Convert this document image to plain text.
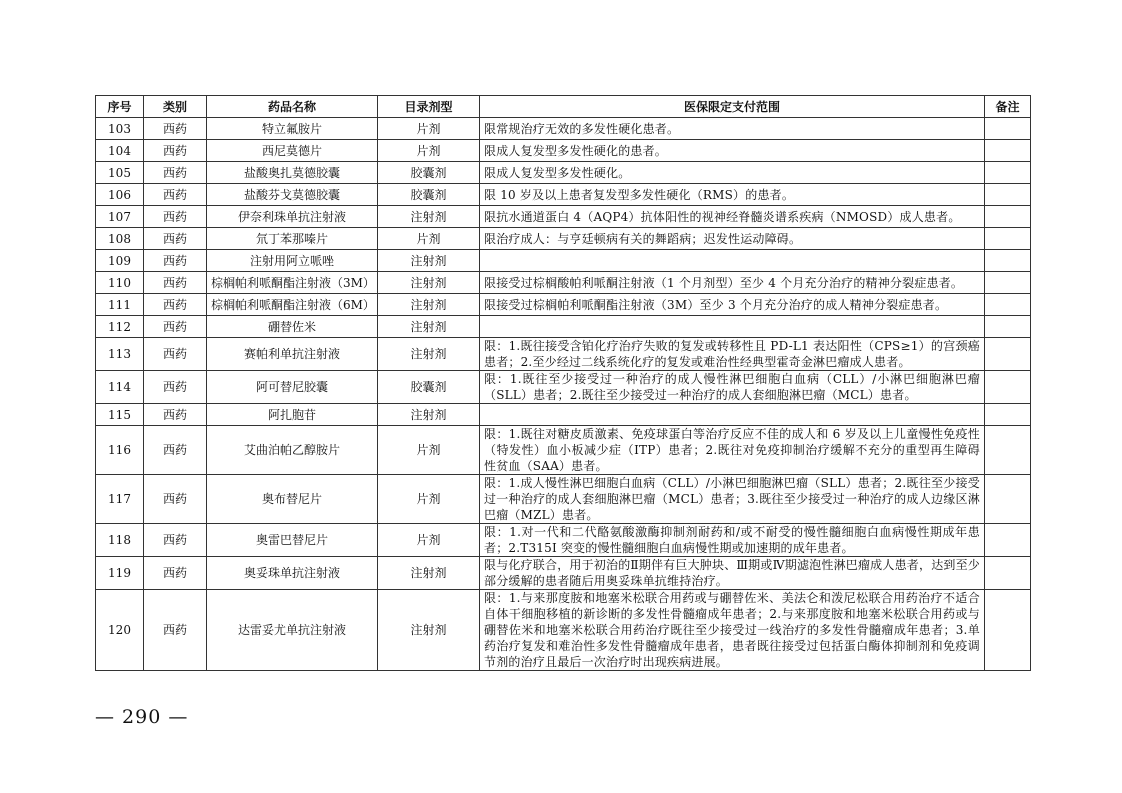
序号	类别	药品名称	目录剂型	医保限定支付范围	备注
103	西药	特立氟胺片	片剂	限常规治疗无效的多发性硬化患者。	
104	西药	西尼莫德片	片剂	限成人复发型多发性硬化的患者。	
105	西药	盐酸奥扎莫德胶囊	胶囊剂	限成人复发型多发性硬化。	
106	西药	盐酸芬戈莫德胶囊	胶囊剂	限 10 岁及以上患者复发型多发性硬化（RMS）的患者。	
107	西药	伊奈利珠单抗注射液	注射剂	限抗水通道蛋白 4（AQP4）抗体阳性的视神经脊髓炎谱系疾病（NMOSD）成人患者。	
108	西药	氘丁苯那嗪片	片剂	限治疗成人：与亨廷顿病有关的舞蹈病；迟发性运动障碍。	
109	西药	注射用阿立哌唑	注射剂		
110	西药	棕榈帕利哌酮酯注射液（3M）	注射剂	限接受过棕榈酸帕利哌酮注射液（1 个月剂型）至少 4 个月充分治疗的精神分裂症患者。	
111	西药	棕榈帕利哌酮酯注射液（6M）	注射剂	限接受过棕榈帕利哌酮酯注射液（3M）至少 3 个月充分治疗的成人精神分裂症患者。	
112	西药	硼替佐米	注射剂		
113	西药	赛帕利单抗注射液	注射剂	限：1.既往接受含铂化疗治疗失败的复发或转移性且 PD-L1 表达阳性（CPS≥1）的宫颈癌患者；2.至少经过二线系统化疗的复发或难治性经典型霍奇金淋巴瘤成人患者。	
114	西药	阿可替尼胶囊	胶囊剂	限：1.既往至少接受过一种治疗的成人慢性淋巴细胞白血病（CLL）/小淋巴细胞淋巴瘤（SLL）患者；2.既往至少接受过一种治疗的成人套细胞淋巴瘤（MCL）患者。	
115	西药	阿扎胞苷	注射剂		
116	西药	艾曲泊帕乙醇胺片	片剂	限：1.既往对糖皮质激素、免疫球蛋白等治疗反应不佳的成人和 6 岁及以上儿童慢性免疫性（特发性）血小板减少症（ITP）患者；2.既往对免疫抑制治疗缓解不充分的重型再生障碍性贫血（SAA）患者。	
117	西药	奥布替尼片	片剂	限：1.成人慢性淋巴细胞白血病（CLL）/小淋巴细胞淋巴瘤（SLL）患者；2.既往至少接受过一种治疗的成人套细胞淋巴瘤（MCL）患者；3.既往至少接受过一种治疗的成人边缘区淋巴瘤（MZL）患者。	
118	西药	奥雷巴替尼片	片剂	限：1.对一代和二代酪氨酸激酶抑制剂耐药和/或不耐受的慢性髓细胞白血病慢性期成年患者；2.T315I 突变的慢性髓细胞白血病慢性期或加速期的成年患者。	
119	西药	奥妥珠单抗注射液	注射剂	限与化疗联合，用于初治的Ⅱ期伴有巨大肿块、Ⅲ期或Ⅳ期滤泡性淋巴瘤成人患者，达到至少部分缓解的患者随后用奥妥珠单抗维持治疗。	
120	西药	达雷妥尤单抗注射液	注射剂	限：1.与来那度胺和地塞米松联合用药或与硼替佐米、美法仑和泼尼松联合用药治疗不适合自体干细胞移植的新诊断的多发性骨髓瘤成年患者；2.与来那度胺和地塞米松联合用药或与硼替佐米和地塞米松联合用药治疗既往至少接受过一线治疗的多发性骨髓瘤成年患者；3.单药治疗复发和难治性多发性骨髓瘤成年患者，患者既往接受过包括蛋白酶体抑制剂和免疫调节剂的治疗且最后一次治疗时出现疾病进展。	
— 290 —
